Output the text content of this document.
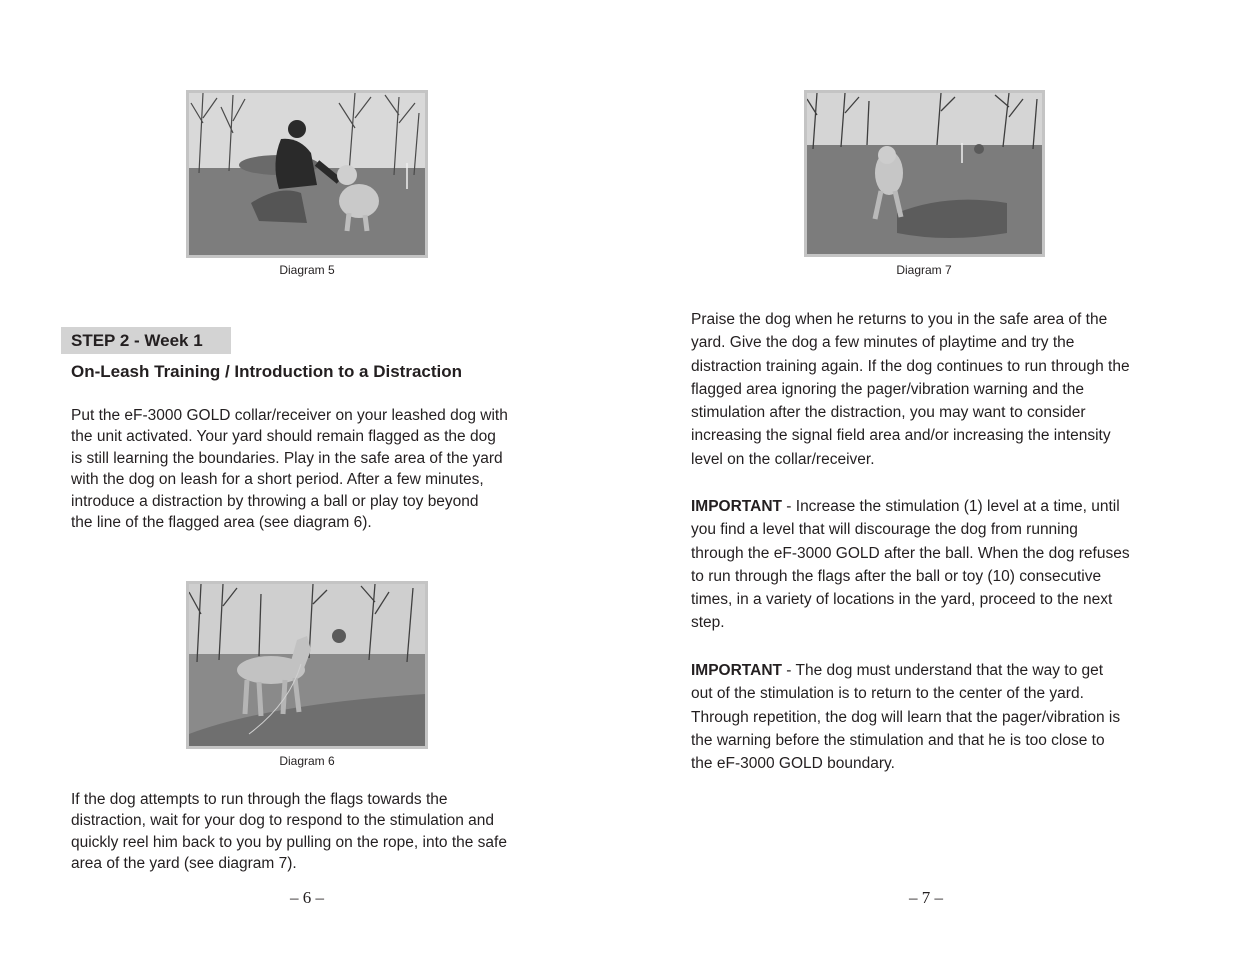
Diagram 5
STEP 2 - Week 1
On-Leash Training / Introduction to a Distraction

Put the eF-3000 GOLD collar/receiver on your leashed dog with
the unit activated. Your yard should remain flagged as the dog
is still learning the boundaries. Play in the safe area of the yard
with the dog on leash for a short period. After a few minutes,
introduce a distraction by throwing a ball or play toy beyond
the line of the flagged area (see diagram 6).

Diagram 6

If the dog attempts to run through the flags towards the
distraction, wait for your dog to respond to the stimulation and
quickly reel him back to you by pulling on the rope, into the safe
area of the yard (see diagram 7).

– 6 –
Diagram 7

Praise the dog when he returns to you in the safe area of the
yard. Give the dog a few minutes of playtime and try the
distraction training again. If the dog continues to run through the
flagged area ignoring the pager/vibration warning and the
stimulation after the distraction, you may want to consider
increasing the signal field area and/or increasing the intensity
level on the collar/receiver.

IMPORTANT - Increase the stimulation (1) level at a time, until
you find a level that will discourage the dog from running
through the eF-3000 GOLD after the ball. When the dog refuses
to run through the flags after the ball or toy (10) consecutive
times, in a variety of locations in the yard, proceed to the next
step.

IMPORTANT - The dog must understand that the way to get
out of the stimulation is to return to the center of the yard.
Through repetition, the dog will learn that the pager/vibration is
the warning before the stimulation and that he is too close to
the eF-3000 GOLD boundary.

– 7 –
